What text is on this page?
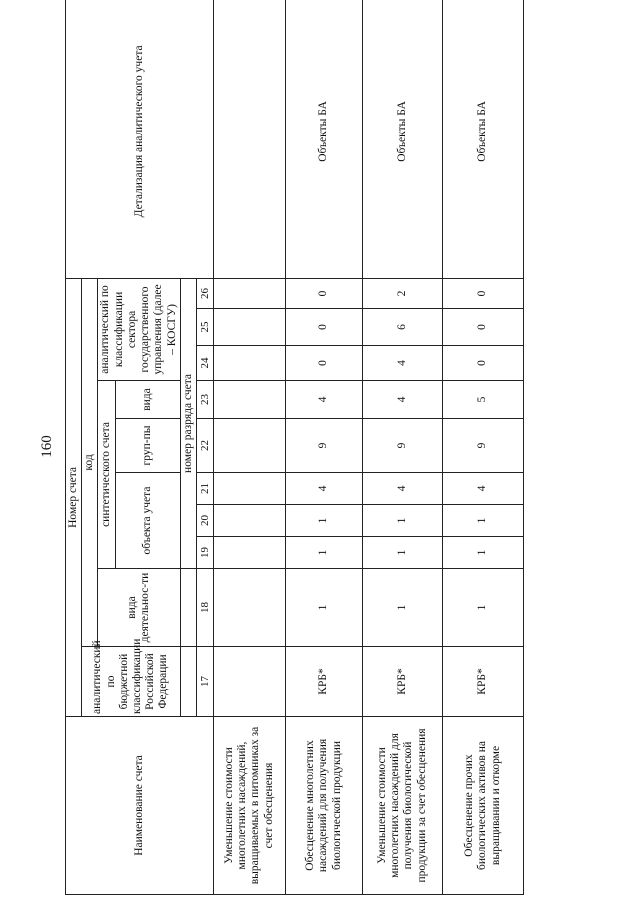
160
Наименование счета	Номер счета										Детализация аналитического учета
	аналитический по бюджетной классификации Российской Федерации	код									
		вида деятельнос-ти	синтетического счета					аналитический по классификации сектора государственного управления (далее – КОСГУ)			
			объекта учета			груп-пы	вида				
			номер разряда счета								
	17	18	19	20	21	22	23	24	25	26	
Уменьшение стоимости многолетних насаждений, выращиваемых в питомниках за счет обесценения											
Обесценение многолетних насаждений для получения биологической продукции	КРБ*	1	1	1	4	9	4	0	0	0	Объекты БА
Уменьшение стоимости многолетних насаждений для получения биологической продукции за счет обесценения	КРБ*	1	1	1	4	9	4	4	6	2	Объекты БА
Обесценение прочих биологических активов на выращивании и откорме	КРБ*	1	1	1	4	9	5	0	0	0	Объекты БА
